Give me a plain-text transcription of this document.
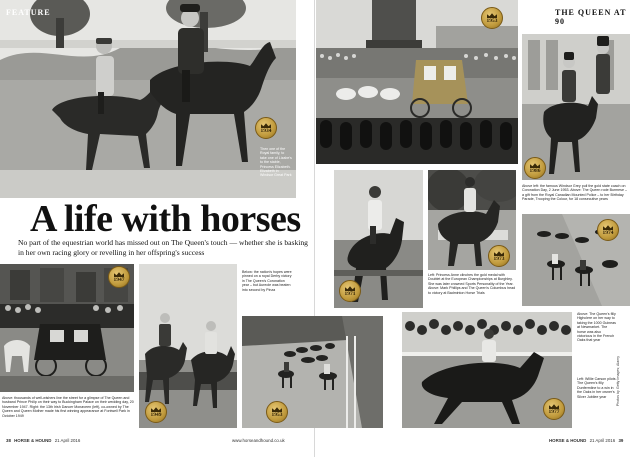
FEATURE
1934
Then one of the Royal family, to take one of Lizabe's to the stable, Princess Elizabeth. Elizabeth in Windsor Great Park
A life with horses

No part of the equestrian world has missed out on The Queen's touch — whether she is basking in her own racing glory or revelling in her offspring's success

1947
Above: thousands of well-wishers line the street for a glimpse of The Queen and husband Prince Philip on their way to Buckingham Palace on their wedding day, 20 November 1947. Right: the 13th Irish Dancer Monaveen (left), co-owned by The Queen and Queen Mother made his first winning appearance at Fontwell Park in October 1949	1949
Below: the nation's hopes were pinned on a royal Derby victory in The Queen's Coronation year – but Aureole was beaten into second by Pinza
1953
38 HORSE & HOUND 21 April 2016	www.horseandhound.co.uk
1953
THE QUEEN AT 90
1986
Above left: the famous Windsor Grey pull the gold state coach on Coronation Day, 2 June 1953. Above: The Queen rode Burmese – a gift from the Royal Canadian Mounted Police – to her Birthday Parade, Trooping the Colour, for 18 consecutive years
1971
1973
Left: Princess Anne clinches the gold medal with Doublet at the European Championships at Burghley. She was later crowned Sports Personality of the Year. Above: Mark Phillips and The Queen's Columbus head to victory at Badminton Horse Trials
1974
Above: The Queen's filly Highclere on her way to taking the 1000 Guineas at Newmarket. The horse was also victorious in the French Oaks that year
1977
Left: Willie Carson pilots The Queen's filly Dunfermline to a win in the Oaks in her owner's Silver Jubilee year	Photos by Getty Images; Alamy
HORSE & HOUND 21 April 2016 39
